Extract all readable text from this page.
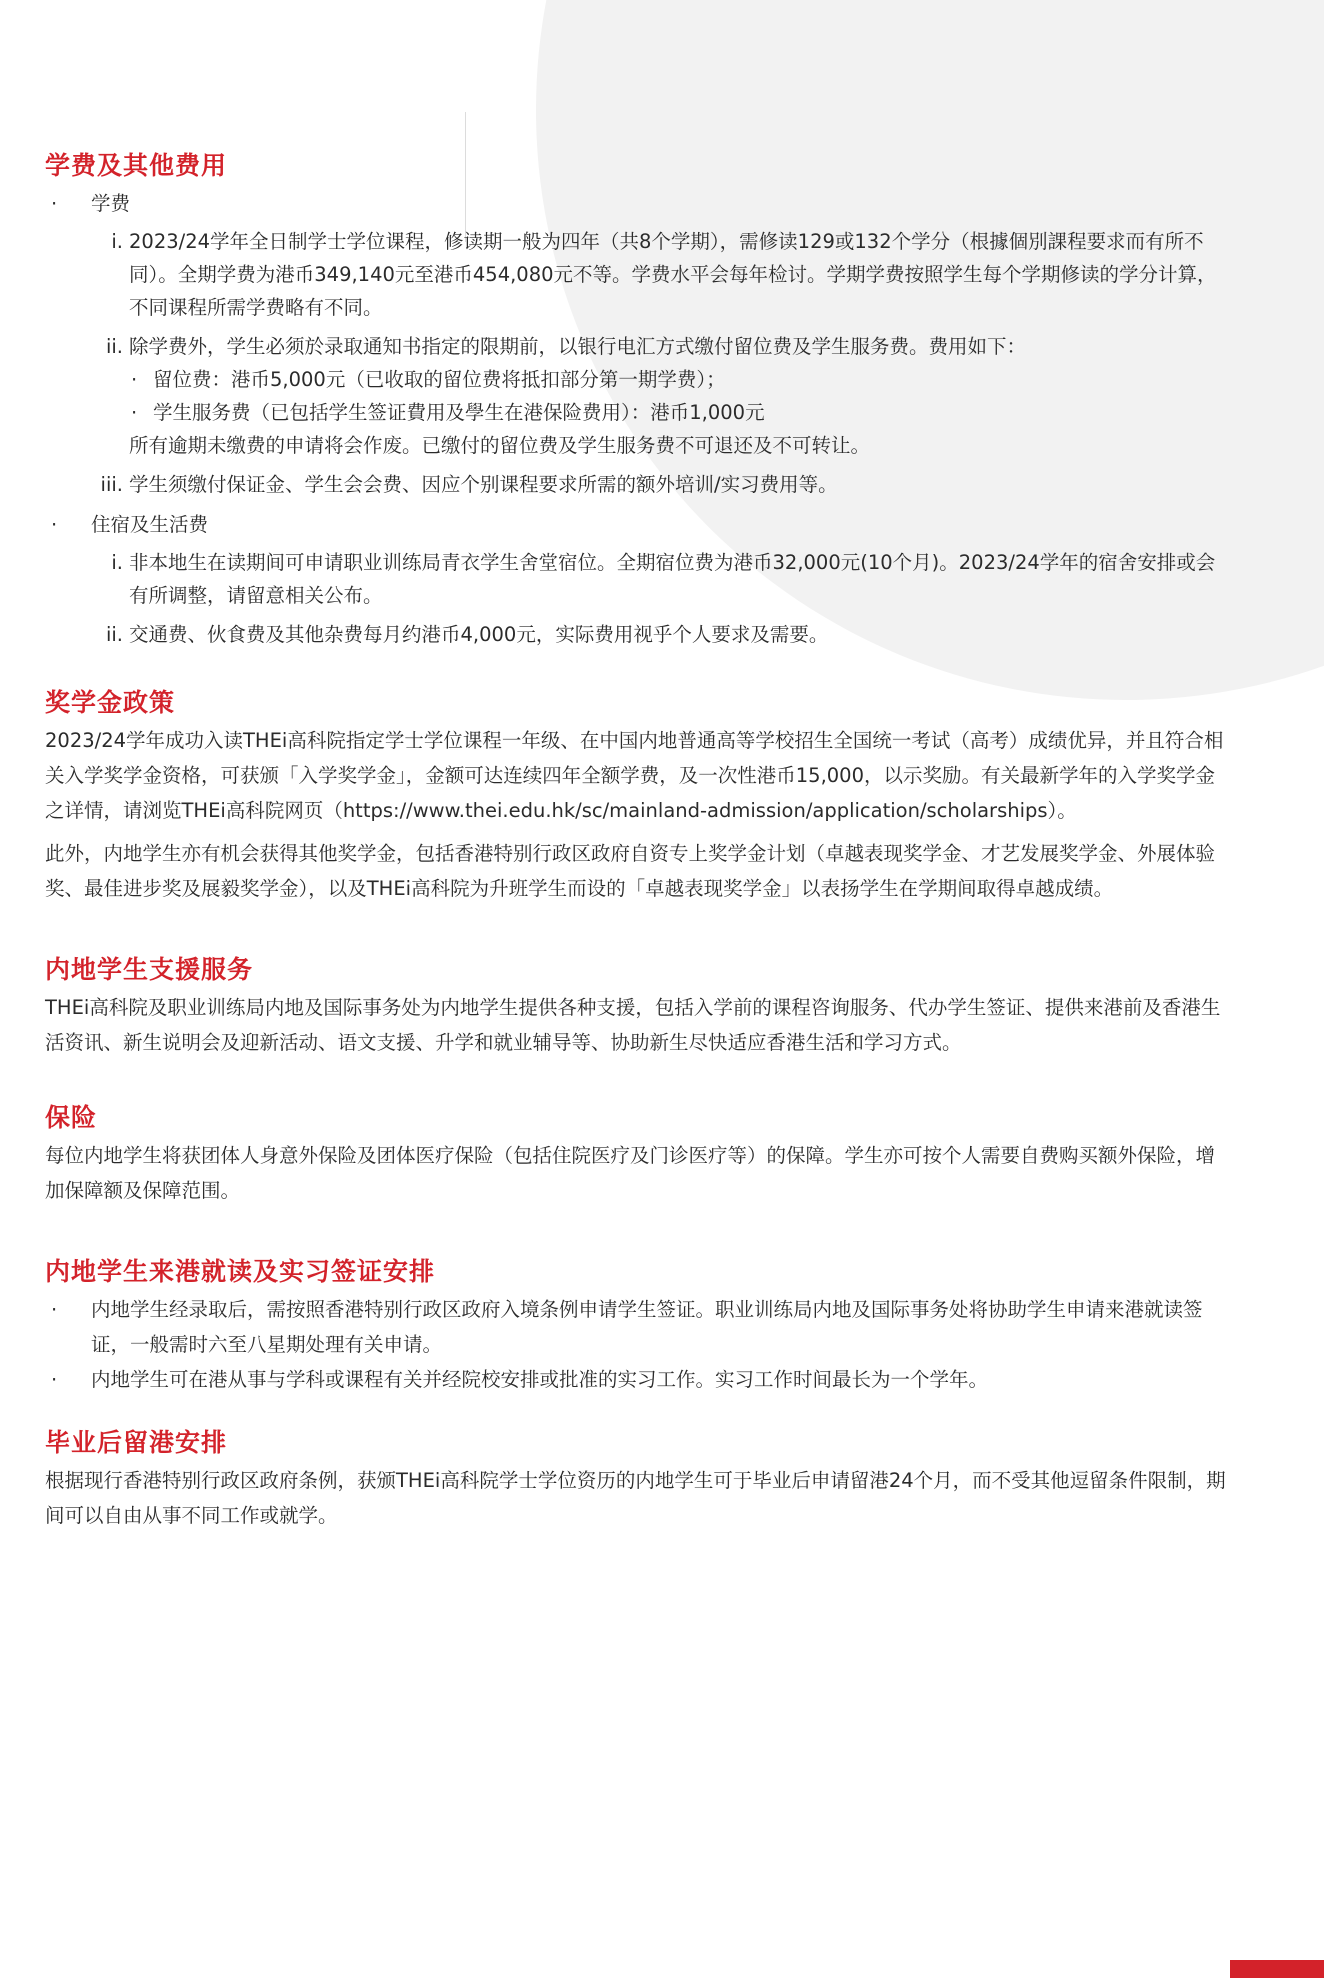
学费及其他费用
·	学费
i. 2023/24学年全日制学士学位课程，修读期一般为四年（共8个学期），需修读129或132个学分（根據個別課程要求而有所不同）。全期学费为港币349,140元至港币454,080元不等。学费水平会每年检讨。学期学费按照学生每个学期修读的学分计算，不同课程所需学费略有不同。
ii. 除学费外，学生必须於录取通知书指定的限期前，以银行电汇方式缴付留位费及学生服务费。费用如下：
· 留位费：港币5,000元（已收取的留位费将抵扣部分第一期学费）；
· 学生服务费（已包括学生签证費用及學生在港保险费用）：港币1,000元
所有逾期未缴费的申请将会作废。已缴付的留位费及学生服务费不可退还及不可转让。
iii. 学生须缴付保证金、学生会会费、因应个别课程要求所需的额外培训/实习费用等。
·	住宿及生活费
i. 非本地生在读期间可申请职业训练局青衣学生舍堂宿位。全期宿位费为港币32,000元(10个月)。2023/24学年的宿舍安排或会有所调整，请留意相关公布。
ii. 交通费、伙食费及其他杂费每月约港币4,000元，实际费用视乎个人要求及需要。
奖学金政策
2023/24学年成功入读THEi高科院指定学士学位课程一年级、在中国内地普通高等学校招生全国统一考试（高考）成绩优异，并且符合相关入学奖学金资格，可获颁「入学奖学金」，金额可达连续四年全额学费，及一次性港币15,000，以示奖励。有关最新学年的入学奖学金之详情，请浏览THEi高科院网页（https://www.thei.edu.hk/sc/mainland-admission/application/scholarships）。
此外，内地学生亦有机会获得其他奖学金，包括香港特别行政区政府自资专上奖学金计划（卓越表现奖学金、才艺发展奖学金、外展体验奖、最佳进步奖及展毅奖学金），以及THEi高科院为升班学生而设的「卓越表现奖学金」以表扬学生在学期间取得卓越成绩。
内地学生支援服务
THEi高科院及职业训练局内地及国际事务处为内地学生提供各种支援，包括入学前的课程咨询服务、代办学生签证、提供来港前及香港生活资讯、新生说明会及迎新活动、语文支援、升学和就业辅导等、协助新生尽快适应香港生活和学习方式。
保险
每位内地学生将获团体人身意外保险及团体医疗保险（包括住院医疗及门诊医疗等）的保障。学生亦可按个人需要自费购买额外保险，增加保障额及保障范围。
内地学生来港就读及实习签证安排
·	内地学生经录取后，需按照香港特别行政区政府入境条例申请学生签证。职业训练局内地及国际事务处将协助学生申请来港就读签证，一般需时六至八星期处理有关申请。
·	内地学生可在港从事与学科或课程有关并经院校安排或批准的实习工作。实习工作时间最长为一个学年。
毕业后留港安排
根据现行香港特别行政区政府条例，获颁THEi高科院学士学位资历的内地学生可于毕业后申请留港24个月，而不受其他逗留条件限制，期间可以自由从事不同工作或就学。
